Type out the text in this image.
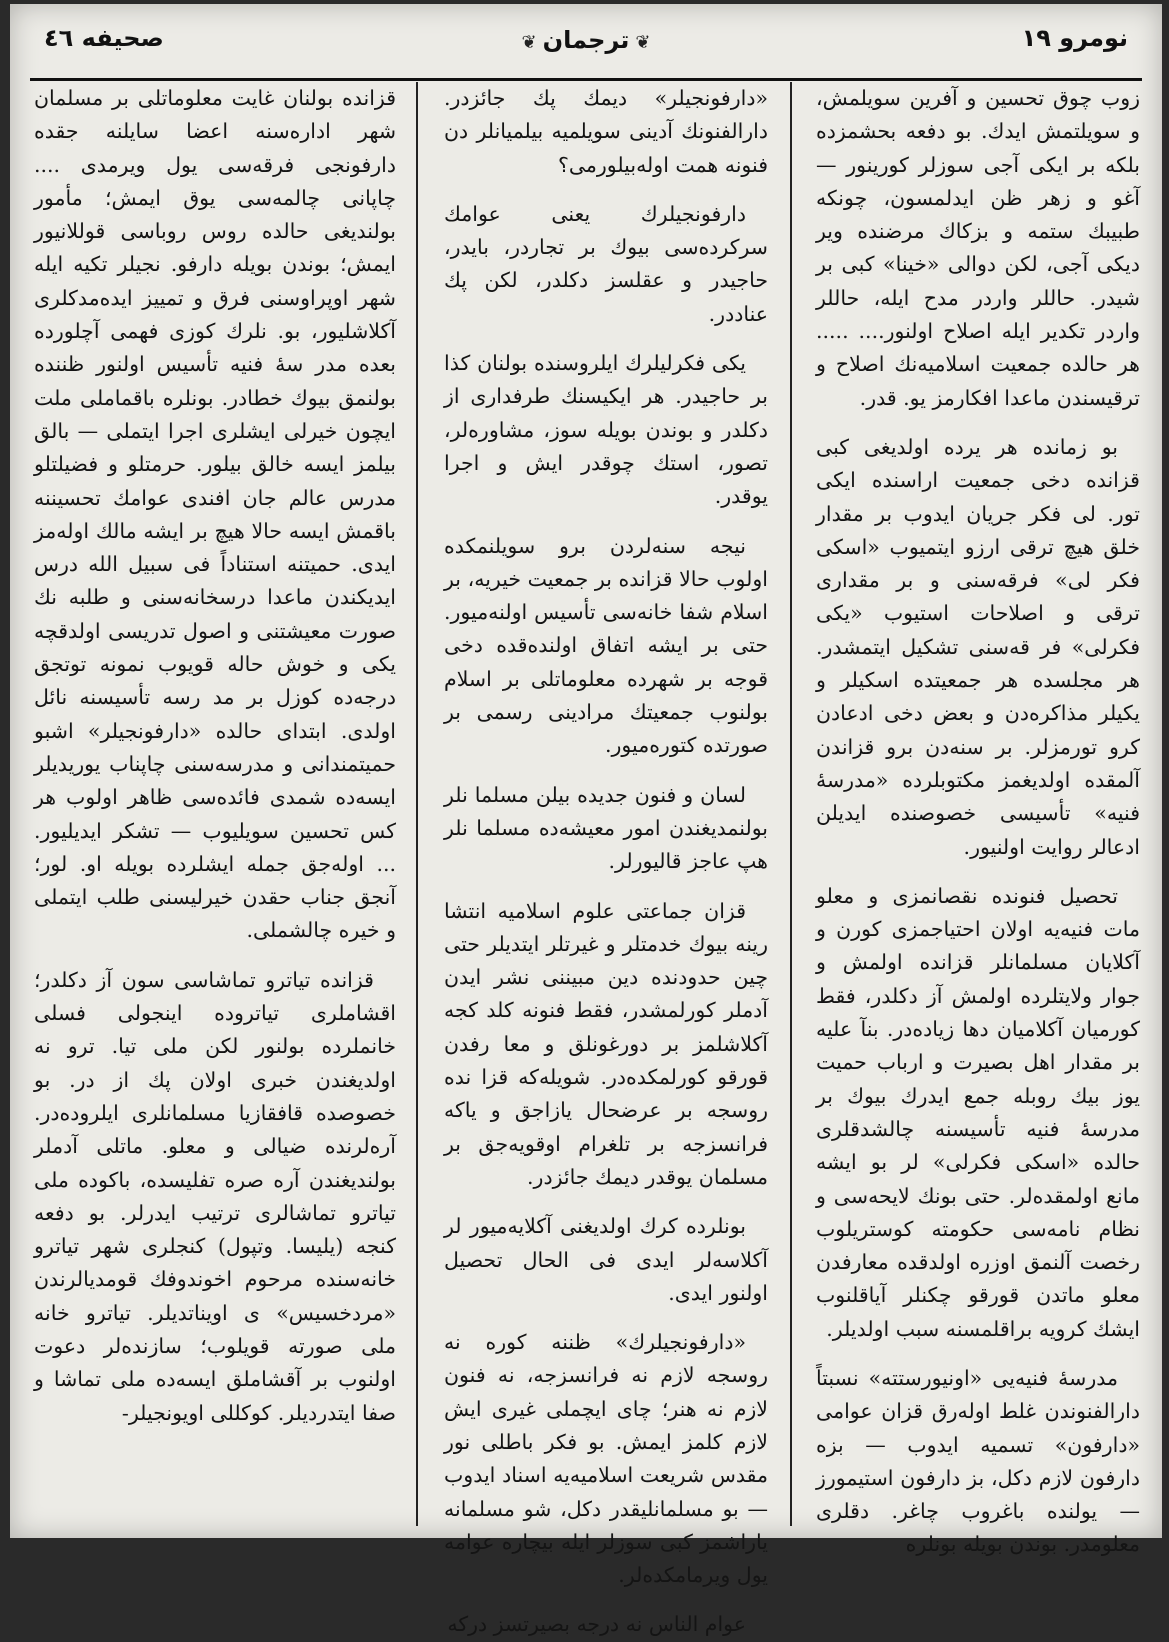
نومرو ١٩
❦ترجمان❦
صحیفه ٤٦

زوب چوق تحسین و آفرین سویلمش، و سویلتمش ایدك. بو دفعه بحشمزده بلکه بر ایکی آجی سوزلر کورینور — آغو و زهر ظن ایدلمسون، چونکه طبیبك ستمه و بزکاك مرضنده ویر دیکی آجی، لکن دوالی «خینا» کبی بر شیدر. حاللر واردر مدح ایله، حاللر واردر تکدیر ایله اصلاح اولنور.... ..... هر حالده جمعیت اسلامیه‌نك اصلاح و ترقیسندن ماعدا افکارمز یو. قدر.

بو زمانده هر یرده اولدیغی کبی قزانده دخی جمعیت اراسنده ایکی تور. لی فکر جریان ایدوب بر مقدار خلق هیچ ترقی ارزو ایتمیوب «اسکی فکر لی» فرقه‌سنی و بر مقداری ترقی و اصلاحات استیوب «یکی فکرلی» فر قه‌سنی تشکیل ایتمشدر. هر مجلسده هر جمعیتده اسکیلر و یکیلر مذاکره‌دن و بعض دخی ادعادن کرو تورمزلر. بر سنه‌دن برو قزاندن آلمقده اولدیغمز مکتوبلرده «مدرسهٔ فنیه» تأسیسی خصوصنده ایدیلن ادعالر روایت اولنیور.

تحصیل فنونده نقصانمزی و معلو مات فنیه‌یه اولان احتیاجمزی کورن و آکلایان مسلمانلر قزانده اولمش و جوار ولایتلرده اولمش آز دکلدر، فقط کورمیان آکلامیان دها زیاده‌در. بنآ علیه بر مقدار اهل بصیرت و ارباب حمیت یوز بیك روبله جمع ایدرك بیوك بر مدرسهٔ فنیه تأسیسنه چالشدقلری حالده «اسکی فکرلی» لر بو ایشه مانع اولمقده‌لر. حتی بونك لایحه‌سی و نظام نامه‌سی حکومته کوستریلوب رخصت آلنمق اوزره اولدقده معارفدن معلو ماتدن قورقو چکنلر آیاقلنوب ایشك کرویه براقلمسنه سبب اولدیلر.

مدرسهٔ فنیه‌یی «اونیورستته» نسبتاً دارالفنوندن غلط اوله‌رق قزان عوامی «دارفون» تسمیه ایدوب — بزه دارفون لازم دکل، بز دارفون استیمورز — یولنده باغروب چاغر. دقلری معلومدر. بوندن بویله بونلره

«دارفونجیلر» دیمك پك جائزدر. دارالفنونك آدینی سویلمیه بیلمیانلر دن فنونه همت اوله‌بیلورمی؟

دارفونجیلرك یعنی عوامك سرکرده‌سی بیوك بر تجاردر، بایدر، حاجیدر و عقلسز دکلدر، لکن پك عناددر.

یکی فکرلیلرك ایلروسنده بولنان کذا بر حاجیدر. هر ایکیسنك طرفداری از دکلدر و بوندن بویله سوز، مشاوره‌لر، تصور، استك چوقدر ایش و اجرا یوقدر.

نیجه سنه‌لردن برو سویلنمکده اولوب حالا قزانده بر جمعیت خیریه، بر اسلام شفا خانه‌سی تأسیس اولنه‌میور. حتی بر ایشه اتفاق اولنده‌قده دخی قوجه بر شهرده معلوماتلی بر اسلام بولنوب جمعیتك مرادینی رسمی بر صورتده کتوره‌میور.

لسان و فنون جدیده بیلن مسلما نلر بولنمدیغندن امور معیشه‌ده مسلما نلر هپ عاجز قالیورلر.

قزان جماعتی علوم اسلامیه انتشا رینه بیوك خدمتلر و غیرتلر ایتدیلر حتی چین حدودنده دین مبیننی نشر ایدن آدملر کورلمشدر، فقط فنونه کلد کجه آکلاشلمز بر دورغونلق و معا رفدن قورقو کورلمکده‌در. شویله‌که قزا نده روسجه بر عرضحال یازاجق و یاکه فرانسزجه بر تلغرام اوقویه‌جق بر مسلمان یوقدر دیمك جائزدر.

بونلرده کرك اولدیغنی آکلایه‌میور لر آکلاسه‌لر ایدی فی الحال تحصیل اولنور ایدی.

«دارفونجیلرك» ظننه کوره نه روسجه لازم نه فرانسزجه، نه فنون لازم نه هنر؛ چای ایچملی غیری ایش لازم کلمز ایمش. بو فکر باطلی نور مقدس شریعت اسلامیه‌یه اسناد ایدوب — بو مسلمانلیقدر دکل، شو مسلمانه یاراشمز کبی سوزلر ایله بیچاره عوامه یول ویرمامکده‌لر.

عوام الناس نه درجه بصیرتسز درکه

قزانده بولنان غایت معلوماتلی بر مسلمان شهر اداره‌سنه اعضا سایلنه جقده دارفونجی فرقه‌سی یول ویرمدی .... چاپانی چالمه‌سی یوق ایمش؛ مأمور بولندیغی حالده روس روباسی قوللانیور ایمش؛ بوندن بویله دارفو. نجیلر تکیه ایله شهر اوپراوسنی فرق و تمییز ایده‌مدکلری آکلاشلیور، بو. نلرك کوزی فهمی آچلورده بعده مدر سهٔ فنیه تأسیس اولنور ظننده بولنمق بیوك خطادر. بونلره باقماملی ملت ایچون خیرلی ایشلری اجرا ایتملی — بالق بیلمز ایسه خالق بیلور. حرمتلو و فضیلتلو مدرس عالم جان افندی عوامك تحسیننه باقمش ایسه حالا هیچ بر ایشه مالك اوله‌مز ایدی. حمیتنه استناداً فی سبیل الله درس ایدیکندن ماعدا درسخانه‌سنی و طلبه نك صورت معیشتنی و اصول تدریسی اولدقچه یکی و خوش حاله قویوب نمونه توتجق درجه‌ده کوزل بر مد رسه تأسیسنه نائل اولدی. ابتدای حالده «دارفونجیلر» اشبو حمیتمندانی و مدرسه‌سنی چاپناب یوریدیلر ایسه‌ده شمدی فائده‌سی ظاهر اولوب هر کس تحسین سویلیوب — تشکر ایدیلیور. ... اوله‌جق جمله ایشلرده بویله او. لور؛ آنجق جناب حقدن خیرلیسنی طلب ایتملی و خیره چالشملی.

قزانده تیاترو تماشاسی سون آز دکلدر؛ اقشاملری تیاتروده اینجولی فسلی خانملرده بولنور لکن ملی تیا. ترو نه اولدیغندن خبری اولان پك از در. بو خصوصده قافقازیا مسلمانلری ایلروده‌در. آره‌لرنده ضیالی و معلو. ماتلی آدملر بولندیغندن آره صره تفلیسده، باکوده ملی تیاترو تماشالری ترتیب ایدرلر. بو دفعه کنجه (یلیسا. وتپول) کنجلری شهر تیاترو خانه‌سنده مرحوم اخوندوفك قومدیالرندن «مردخسیس» ی اویناتدیلر. تیاترو خانه ملی صورته قویلوب؛ سازنده‌لر دعوت اولنوب بر آقشاملق ایسه‌ده ملی تماشا و صفا ایتدردیلر. کوکللی اویونجیلر-
